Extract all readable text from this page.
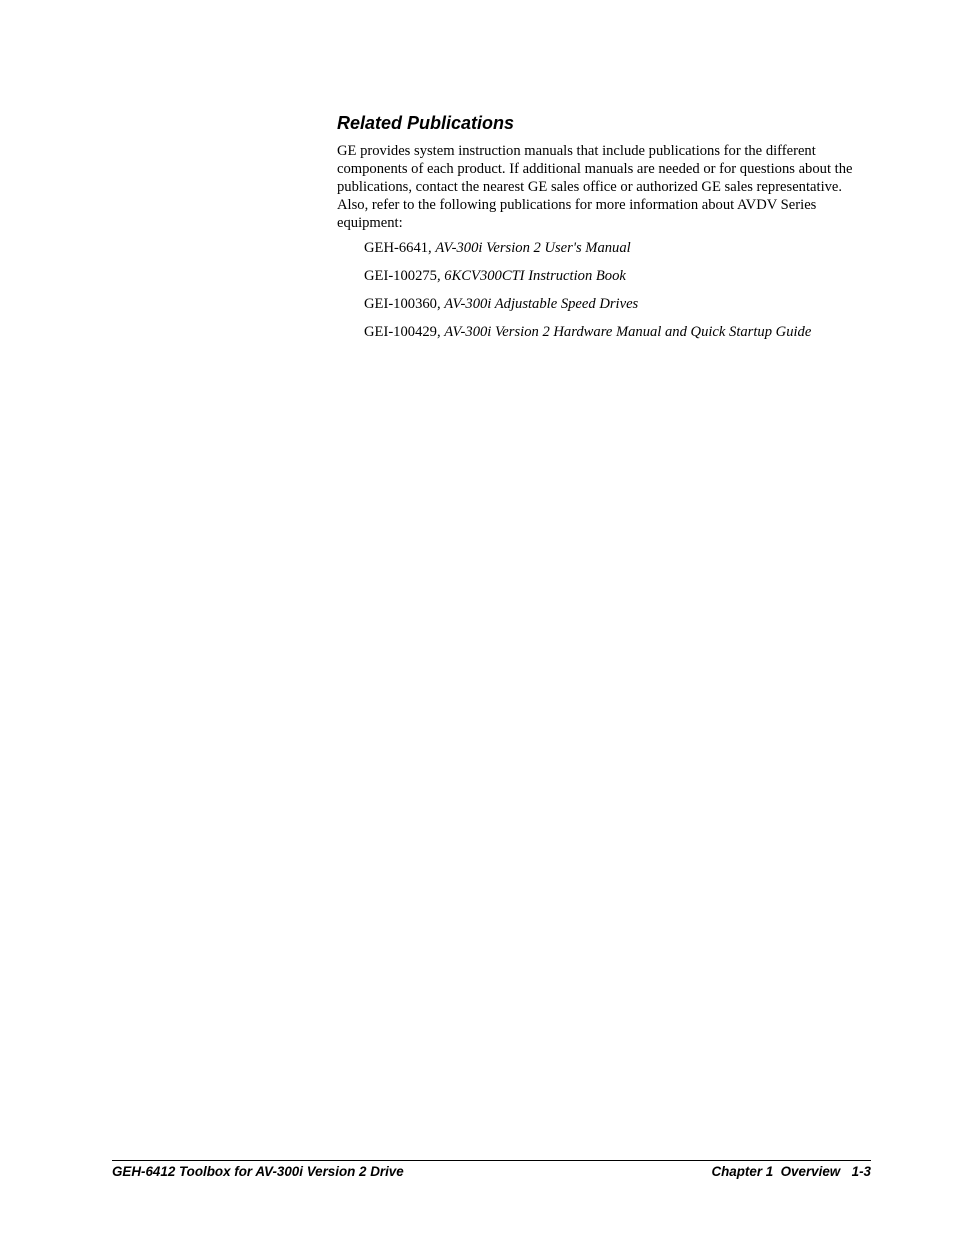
Related Publications

GE provides system instruction manuals that include publications for the different components of each product. If additional manuals are needed or for questions about the publications, contact the nearest GE sales office or authorized GE sales representative. Also, refer to the following publications for more information about AVDV Series equipment:

GEH-6641, AV-300i Version 2 User's Manual
GEI-100275, 6KCV300CTI Instruction Book
GEI-100360, AV-300i Adjustable Speed Drives
GEI-100429, AV-300i Version 2 Hardware Manual and Quick Startup Guide
GEH-6412 Toolbox for AV-300i Version 2 Drive	Chapter 1  Overview  1-3
